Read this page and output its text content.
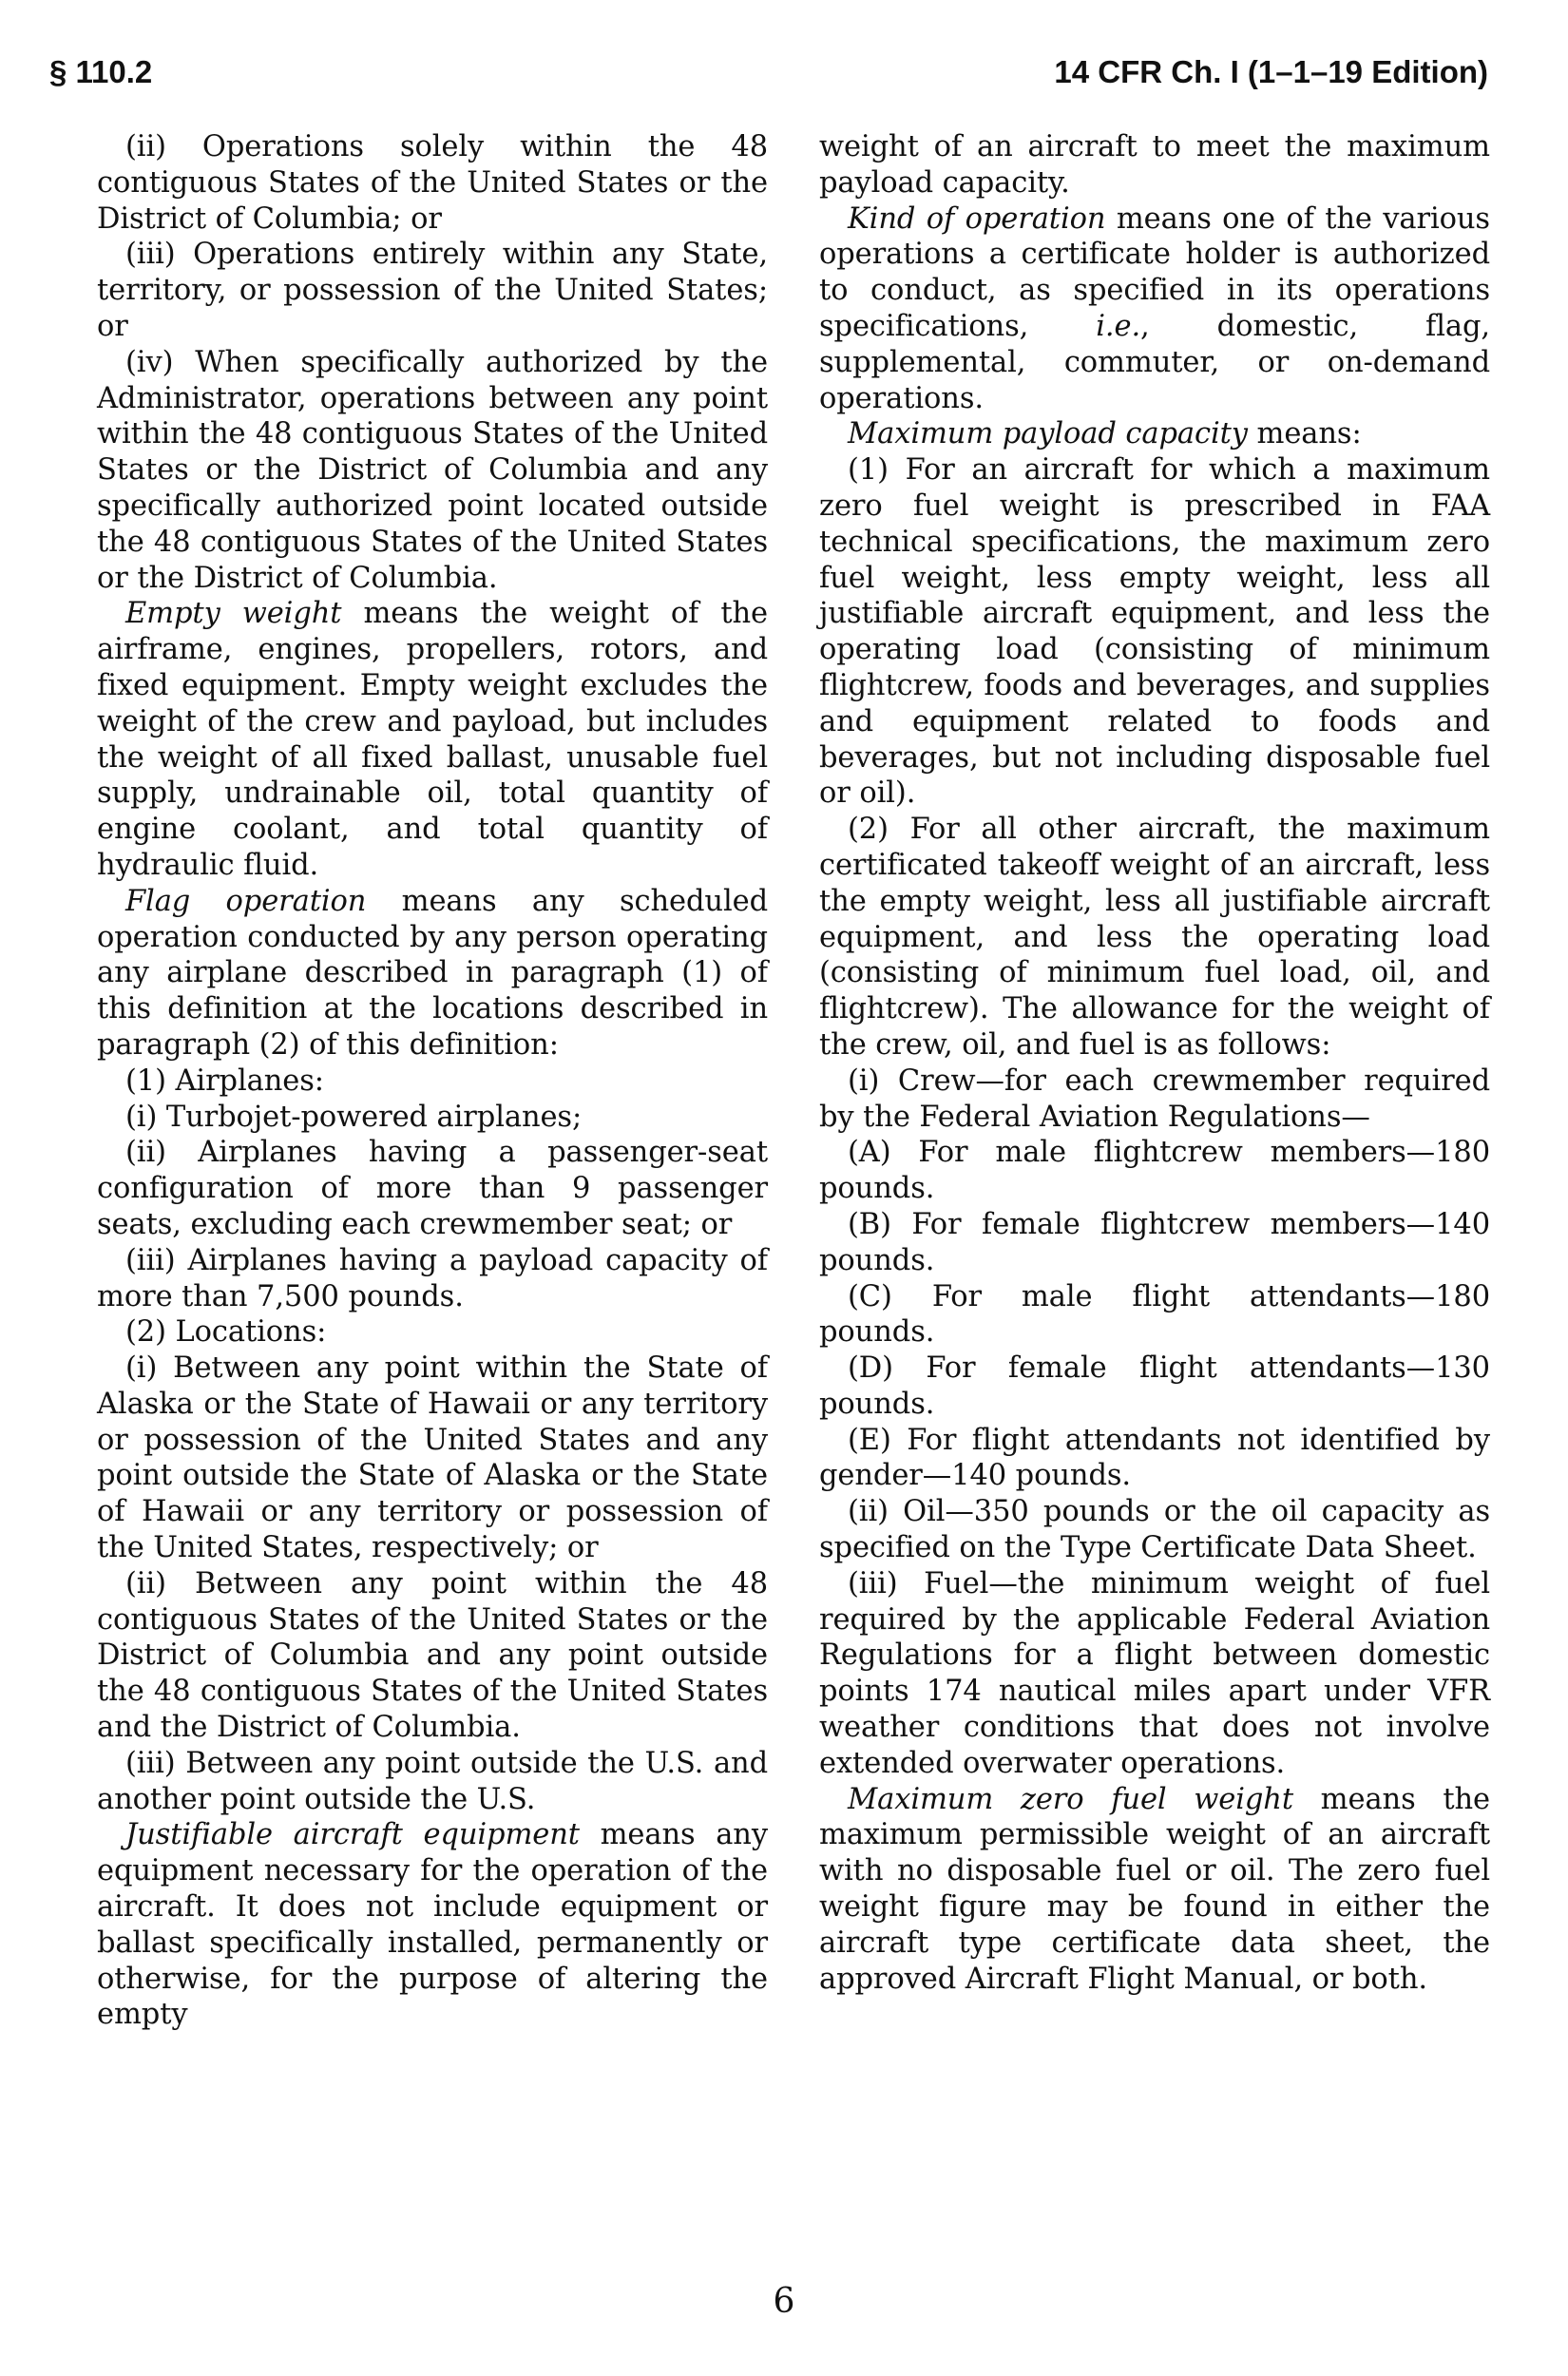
§ 110.2	14 CFR Ch. I (1–1–19 Edition)

(ii) Operations solely within the 48 contiguous States of the United States or the District of Columbia; or

(iii) Operations entirely within any State, territory, or possession of the United States; or

(iv) When specifically authorized by the Administrator, operations between any point within the 48 contiguous States of the United States or the District of Columbia and any specifically authorized point located outside the 48 contiguous States of the United States or the District of Columbia.

Empty weight means the weight of the airframe, engines, propellers, rotors, and fixed equipment. Empty weight excludes the weight of the crew and payload, but includes the weight of all fixed ballast, unusable fuel supply, undrainable oil, total quantity of engine coolant, and total quantity of hydraulic fluid.

Flag operation means any scheduled operation conducted by any person operating any airplane described in paragraph (1) of this definition at the locations described in paragraph (2) of this definition:

(1) Airplanes:

(i) Turbojet-powered airplanes;

(ii) Airplanes having a passenger-seat configuration of more than 9 passenger seats, excluding each crewmember seat; or

(iii) Airplanes having a payload capacity of more than 7,500 pounds.

(2) Locations:

(i) Between any point within the State of Alaska or the State of Hawaii or any territory or possession of the United States and any point outside the State of Alaska or the State of Hawaii or any territory or possession of the United States, respectively; or

(ii) Between any point within the 48 contiguous States of the United States or the District of Columbia and any point outside the 48 contiguous States of the United States and the District of Columbia.

(iii) Between any point outside the U.S. and another point outside the U.S.

Justifiable aircraft equipment means any equipment necessary for the operation of the aircraft. It does not include equipment or ballast specifically installed, permanently or otherwise, for the purpose of altering the empty

weight of an aircraft to meet the maximum payload capacity.

Kind of operation means one of the various operations a certificate holder is authorized to conduct, as specified in its operations specifications, i.e., domestic, flag, supplemental, commuter, or on-demand operations.

Maximum payload capacity means:

(1) For an aircraft for which a maximum zero fuel weight is prescribed in FAA technical specifications, the maximum zero fuel weight, less empty weight, less all justifiable aircraft equipment, and less the operating load (consisting of minimum flightcrew, foods and beverages, and supplies and equipment related to foods and beverages, but not including disposable fuel or oil).

(2) For all other aircraft, the maximum certificated takeoff weight of an aircraft, less the empty weight, less all justifiable aircraft equipment, and less the operating load (consisting of minimum fuel load, oil, and flightcrew). The allowance for the weight of the crew, oil, and fuel is as follows:

(i) Crew—for each crewmember required by the Federal Aviation Regulations—

(A) For male flightcrew members—180 pounds.

(B) For female flightcrew members—140 pounds.

(C) For male flight attendants—180 pounds.

(D) For female flight attendants—130 pounds.

(E) For flight attendants not identified by gender—140 pounds.

(ii) Oil—350 pounds or the oil capacity as specified on the Type Certificate Data Sheet.

(iii) Fuel—the minimum weight of fuel required by the applicable Federal Aviation Regulations for a flight between domestic points 174 nautical miles apart under VFR weather conditions that does not involve extended overwater operations.

Maximum zero fuel weight means the maximum permissible weight of an aircraft with no disposable fuel or oil. The zero fuel weight figure may be found in either the aircraft type certificate data sheet, the approved Aircraft Flight Manual, or both.

6
